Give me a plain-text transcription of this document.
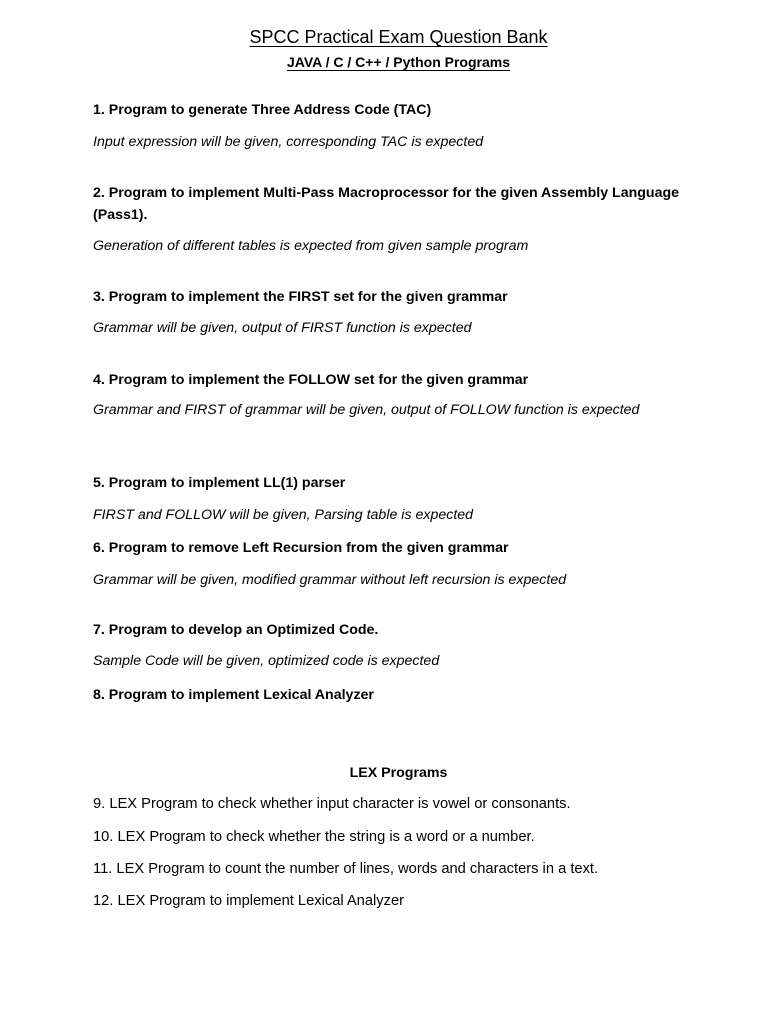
SPCC Practical Exam Question Bank
JAVA / C / C++ / Python Programs
1. Program to generate Three Address Code (TAC)
Input expression will be given, corresponding TAC is expected
2. Program to implement Multi-Pass Macroprocessor for the given Assembly Language (Pass1).
Generation of different tables is expected from given sample program
3. Program to implement the FIRST set for the given grammar
Grammar will be given, output of FIRST function is expected
4. Program to implement the FOLLOW set for the given grammar
Grammar and FIRST of grammar will be given, output of FOLLOW function is expected
5. Program to implement LL(1) parser
FIRST and FOLLOW will be given, Parsing table is expected
6. Program to remove Left Recursion from the given grammar
Grammar will be given, modified grammar without left recursion is expected
7. Program to develop an Optimized Code.
Sample Code will be given, optimized code is expected
8. Program to implement Lexical Analyzer
LEX Programs
9. LEX Program to check whether input character is vowel or consonants.
10. LEX Program to check whether the string is a word or a number.
11. LEX Program to count the number of lines, words and characters in a text.
12. LEX Program to implement Lexical Analyzer
